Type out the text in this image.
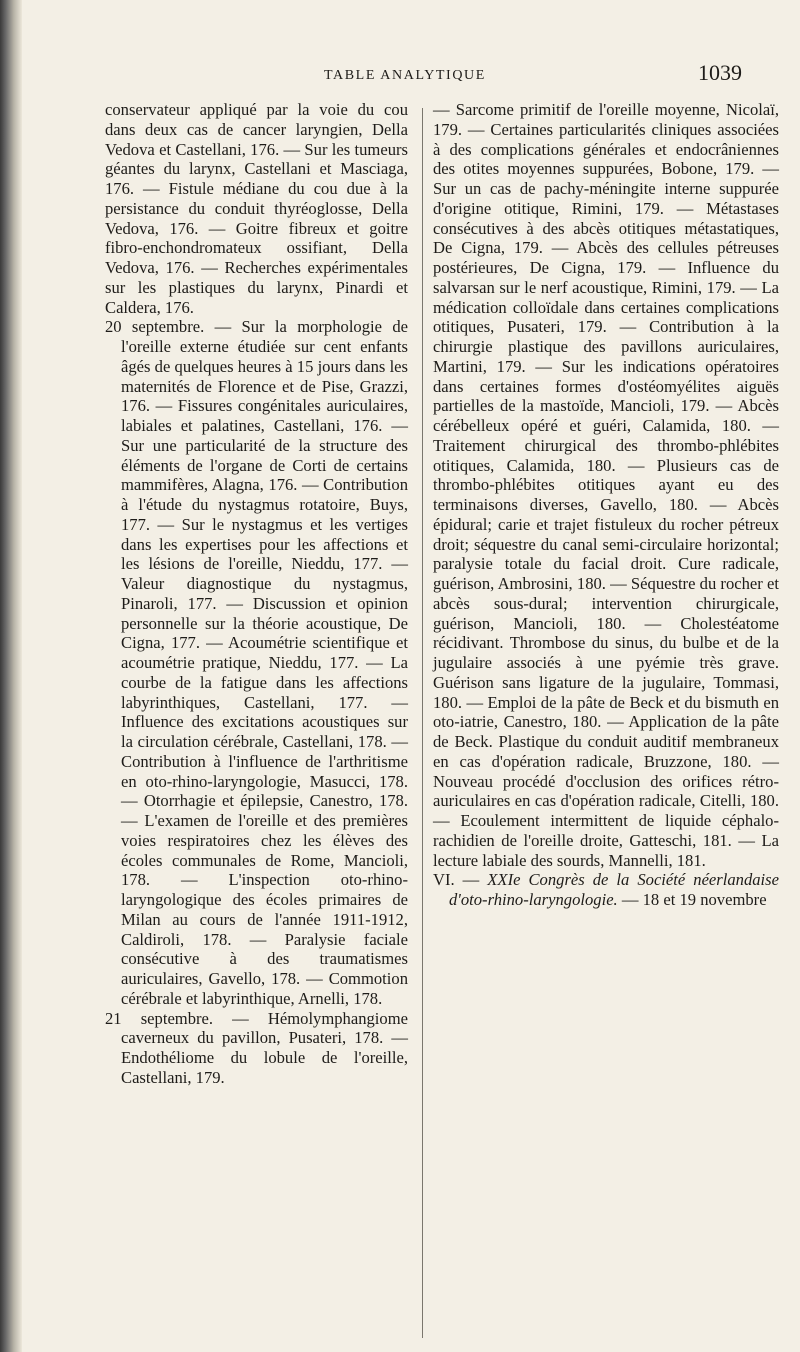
TABLE ANALYTIQUE	1039

conservateur appliqué par la voie du cou dans deux cas de cancer laryngien, Della Vedova et Castellani, 176. — Sur les tumeurs géantes du larynx, Castellani et Masciaga, 176. — Fistule médiane du cou due à la persistance du conduit thyréoglosse, Della Vedova, 176. — Goitre fibreux et goitre fibro-enchondromateux ossifiant, Della Vedova, 176. — Recherches expérimentales sur les plastiques du larynx, Pinardi et Caldera, 176.

20 septembre. — Sur la morphologie de l'oreille externe étudiée sur cent enfants âgés de quelques heures à 15 jours dans les maternités de Florence et de Pise, Grazzi, 176. — Fissures congénitales auriculaires, labiales et palatines, Castellani, 176. — Sur une particularité de la structure des éléments de l'organe de Corti de certains mammifères, Alagna, 176. — Contribution à l'étude du nystagmus rotatoire, Buys, 177. — Sur le nystagmus et les vertiges dans les expertises pour les affections et les lésions de l'oreille, Nieddu, 177. — Valeur diagnostique du nystagmus, Pinaroli, 177. — Discussion et opinion personnelle sur la théorie acoustique, De Cigna, 177. — Acoumétrie scientifique et acoumétrie pratique, Nieddu, 177. — La courbe de la fatigue dans les affections labyrinthiques, Castellani, 177. — Influence des excitations acoustiques sur la circulation cérébrale, Castellani, 178. — Contribution à l'influence de l'arthritisme en oto-rhino-laryngologie, Masucci, 178. — Otorrhagie et épilepsie, Canestro, 178. — L'examen de l'oreille et des premières voies respiratoires chez les élèves des écoles communales de Rome, Mancioli, 178. — L'inspection oto-rhino-laryngologique des écoles primaires de Milan au cours de l'année 1911-1912, Caldiroli, 178. — Paralysie faciale consécutive à des traumatismes auriculaires, Gavello, 178. — Commotion cérébrale et labyrinthique, Arnelli, 178.

21 septembre. — Hémolymphangiome caverneux du pavillon, Pusateri, 178. — Endothéliome du lobule de l'oreille, Castellani, 179.

— Sarcome primitif de l'oreille moyenne, Nicolaï, 179. — Certaines particularités cliniques associées à des complications générales et endocrâniennes des otites moyennes suppurées, Bobone, 179. — Sur un cas de pachy-méningite interne suppurée d'origine otitique, Rimini, 179. — Métastases consécutives à des abcès otitiques métastatiques, De Cigna, 179. — Abcès des cellules pétreuses postérieures, De Cigna, 179. — Influence du salvarsan sur le nerf acoustique, Rimini, 179. — La médication colloïdale dans certaines complications otitiques, Pusateri, 179. — Contribution à la chirurgie plastique des pavillons auriculaires, Martini, 179. — Sur les indications opératoires dans certaines formes d'ostéomyélites aiguës partielles de la mastoïde, Mancioli, 179. — Abcès cérébelleux opéré et guéri, Calamida, 180. — Traitement chirurgical des thrombo-phlébites otitiques, Calamida, 180. — Plusieurs cas de thrombo-phlébites otitiques ayant eu des terminaisons diverses, Gavello, 180. — Abcès épidural; carie et trajet fistuleux du rocher pétreux droit; séquestre du canal semi-circulaire horizontal; paralysie totale du facial droit. Cure radicale, guérison, Ambrosini, 180. — Séquestre du rocher et abcès sous-dural; intervention chirurgicale, guérison, Mancioli, 180. — Cholestéatome récidivant. Thrombose du sinus, du bulbe et de la jugulaire associés à une pyémie très grave. Guérison sans ligature de la jugulaire, Tommasi, 180. — Emploi de la pâte de Beck et du bismuth en oto-iatrie, Canestro, 180. — Application de la pâte de Beck. Plastique du conduit auditif membraneux en cas d'opération radicale, Bruzzone, 180. — Nouveau procédé d'occlusion des orifices rétro-auriculaires en cas d'opération radicale, Citelli, 180. — Ecoulement intermittent de liquide céphalo-rachidien de l'oreille droite, Gatteschi, 181. — La lecture labiale des sourds, Mannelli, 181.

VI. — XXIe Congrès de la Société néerlandaise d'oto-rhino-laryngologie. — 18 et 19 novembre
